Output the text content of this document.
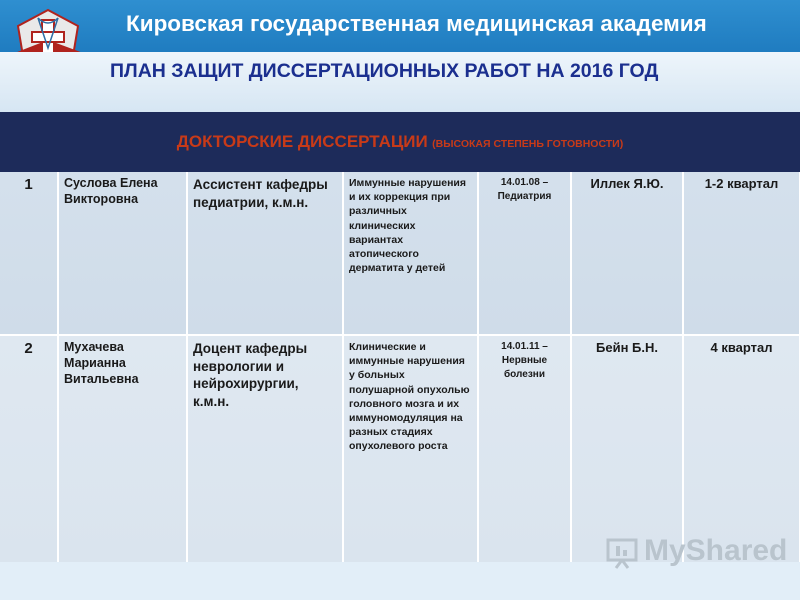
Кировская государственная медицинская академия
ПЛАН ЗАЩИТ ДИССЕРТАЦИОННЫХ РАБОТ НА 2016 ГОД
ДОКТОРСКИЕ ДИССЕРТАЦИИ (ВЫСОКАЯ СТЕПЕНЬ ГОТОВНОСТИ)
1	Суслова Елена Викторовна	Ассистент кафедры педиатрии, к.м.н.	Иммунные нарушения и их коррекция при различных клинических вариантах атопического дерматита у детей	14.01.08 – Педиатрия	Иллек Я.Ю.	1-2 квартал
2	Мухачева Марианна Витальевна	Доцент кафедры неврологии и нейрохирургии, к.м.н.	Клинические и иммунные нарушения у больных полушарной опухолью головного мозга и их иммуномодуляция на разных стадиях опухолевого роста	14.01.11 – Нервные болезни	Бейн Б.Н.	4 квартал
MyShared
